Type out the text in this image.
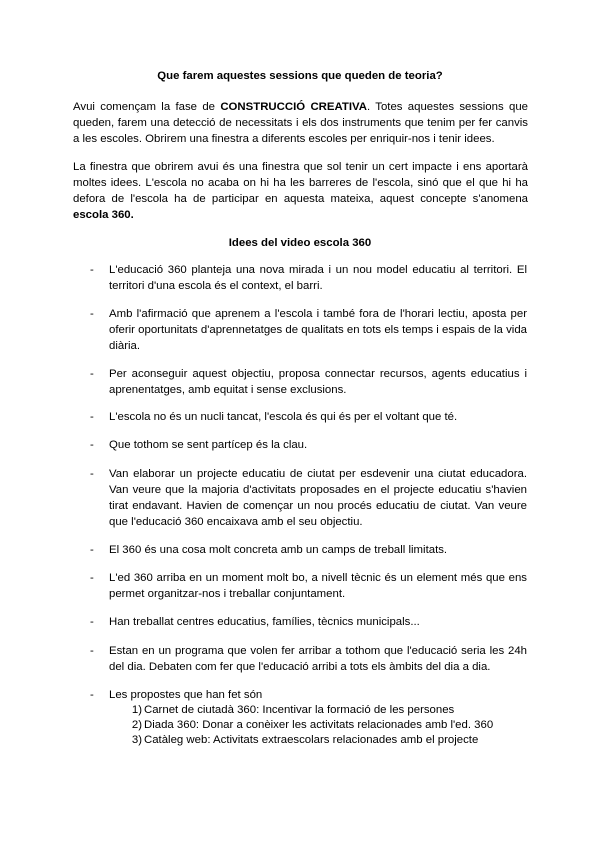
Que farem aquestes sessions que queden de teoria?
Avui començam la fase de CONSTRUCCIÓ CREATIVA. Totes aquestes sessions que queden, farem una detecció de necessitats i els dos instruments que tenim per fer canvis a les escoles. Obrirem una finestra a diferents escoles per enriquir-nos i tenir idees.
La finestra que obrirem avui és una finestra que sol tenir un cert impacte i ens aportarà moltes idees. L'escola no acaba on hi ha les barreres de l'escola, sinó que el que hi ha defora de l'escola ha de participar en aquesta mateixa, aquest concepte s'anomena escola 360.
Idees del video escola 360
- L'educació 360 planteja una nova mirada i un nou model educatiu al territori. El territori d'una escola és el context, el barri.
- Amb l'afirmació que aprenem a l'escola i també fora de l'horari lectiu, aposta per oferir oportunitats d'aprennetatges de qualitats en tots els temps i espais de la vida diària.
- Per aconseguir aquest objectiu, proposa connectar recursos, agents educatius i aprenentatges, amb equitat i sense exclusions.
- L'escola no és un nucli tancat, l'escola és qui és per el voltant que té.
- Que tothom se sent partícep és la clau.
- Van elaborar un projecte educatiu de ciutat per esdevenir una ciutat educadora. Van veure que la majoria d'activitats proposades en el projecte educatiu s'havien tirat endavant. Havien de començar un nou procés educatiu de ciutat. Van veure que l'educació 360 encaixava amb el seu objectiu.
- El 360 és una cosa molt concreta amb un camps de treball limitats.
- L'ed 360 arriba en un moment molt bo, a nivell tècnic és un element més que ens permet organitzar-nos i treballar conjuntament.
- Han treballat centres educatius, famílies, tècnics municipals...
- Estan en un programa que volen fer arribar a tothom que l'educació seria les 24h del dia. Debaten com fer que l'educació arribi a tots els àmbits del dia a dia.
- Les propostes que han fet són
1) Carnet de ciutadà 360: Incentivar la formació de les persones
2) Diada 360: Donar a conèixer les activitats relacionades amb l'ed. 360
3) Catàleg web: Activitats extraescolars relacionades amb el projecte
